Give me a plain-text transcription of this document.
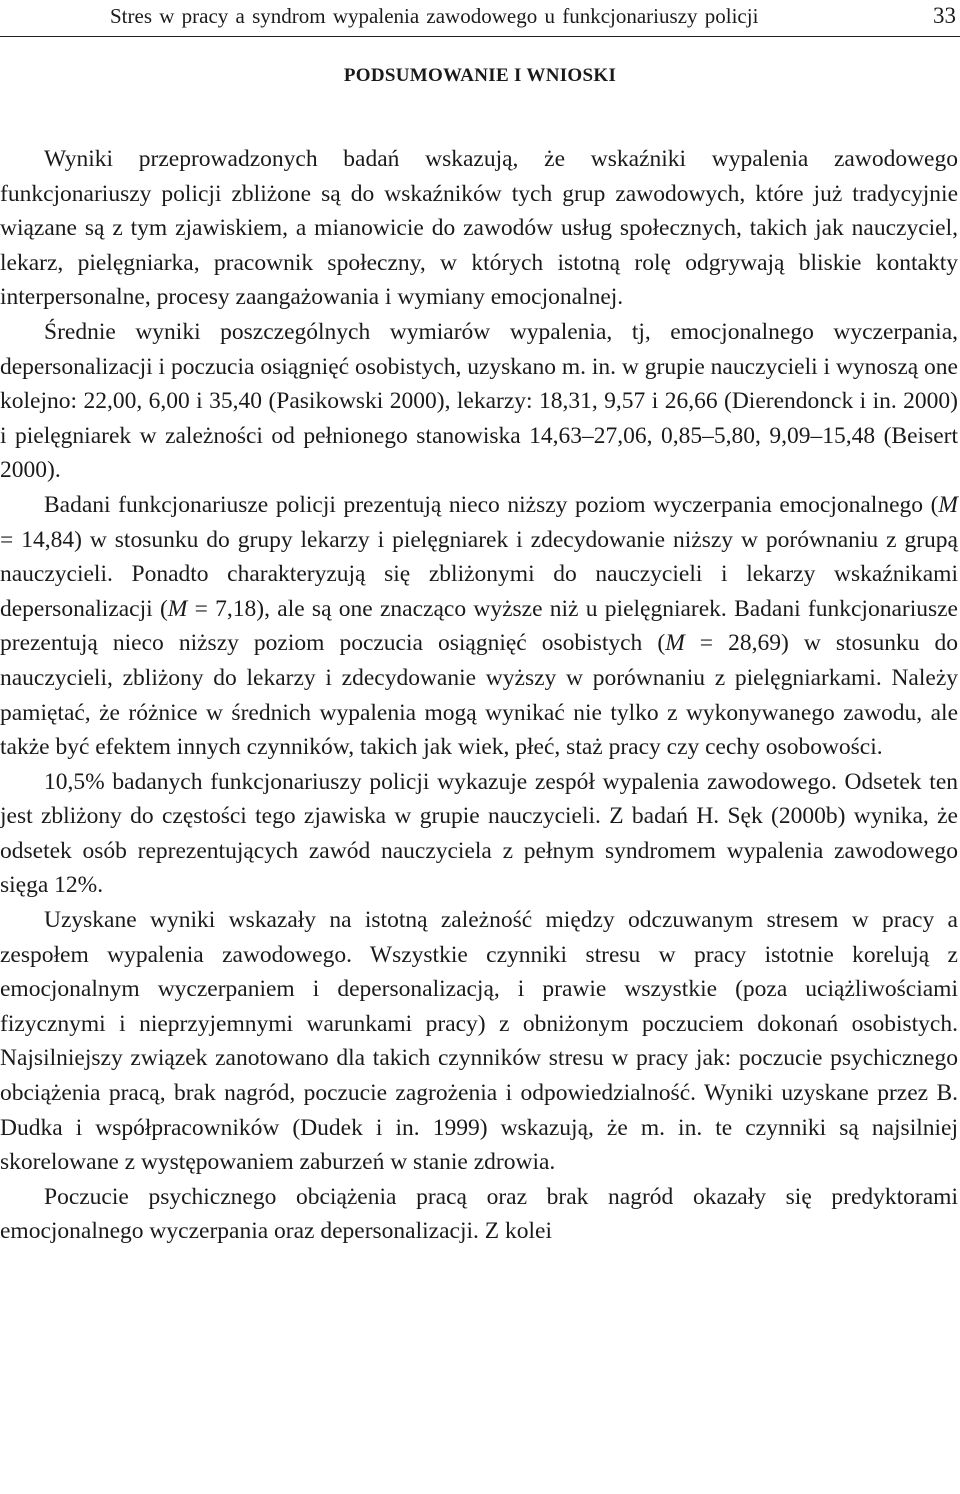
Stres w pracy a syndrom wypalenia zawodowego u funkcjonariuszy policji	33
PODSUMOWANIE I WNIOSKI

Wyniki przeprowadzonych badań wskazują, że wskaźniki wypalenia zawodowego funkcjonariuszy policji zbliżone są do wskaźników tych grup zawodowych, które już tradycyjnie wiązane są z tym zjawiskiem, a mianowicie do zawodów usług społecznych, takich jak nauczyciel, lekarz, pielęgniarka, pracownik społeczny, w których istotną rolę odgrywają bliskie kontakty interpersonalne, procesy zaangażowania i wymiany emocjonalnej.

Średnie wyniki poszczególnych wymiarów wypalenia, tj, emocjonalnego wyczerpania, depersonalizacji i poczucia osiągnięć osobistych, uzyskano m. in. w grupie nauczycieli i wynoszą one kolejno: 22,00, 6,00 i 35,40 (Pasikowski 2000), lekarzy: 18,31, 9,57 i 26,66 (Dierendonck i in. 2000) i pielęgniarek w zależności od pełnionego stanowiska 14,63–27,06, 0,85–5,80, 9,09–15,48 (Beisert 2000).

Badani funkcjonariusze policji prezentują nieco niższy poziom wyczerpania emocjonalnego (M = 14,84) w stosunku do grupy lekarzy i pielęgniarek i zdecydowanie niższy w porównaniu z grupą nauczycieli. Ponadto charakteryzują się zbliżonymi do nauczycieli i lekarzy wskaźnikami depersonalizacji (M = 7,18), ale są one znacząco wyższe niż u pielęgniarek. Badani funkcjonariusze prezentują nieco niższy poziom poczucia osiągnięć osobistych (M = 28,69) w stosunku do nauczycieli, zbliżony do lekarzy i zdecydowanie wyższy w porównaniu z pielęgniarkami. Należy pamiętać, że różnice w średnich wypalenia mogą wynikać nie tylko z wykonywanego zawodu, ale także być efektem innych czynników, takich jak wiek, płeć, staż pracy czy cechy osobowości.

10,5% badanych funkcjonariuszy policji wykazuje zespół wypalenia zawodowego. Odsetek ten jest zbliżony do częstości tego zjawiska w grupie nauczycieli. Z badań H. Sęk (2000b) wynika, że odsetek osób reprezentujących zawód nauczyciela z pełnym syndromem wypalenia zawodowego sięga 12%.

Uzyskane wyniki wskazały na istotną zależność między odczuwanym stresem w pracy a zespołem wypalenia zawodowego. Wszystkie czynniki stresu w pracy istotnie korelują z emocjonalnym wyczerpaniem i depersonalizacją, i prawie wszystkie (poza uciążliwościami fizycznymi i nieprzyjemnymi warunkami pracy) z obniżonym poczuciem dokonań osobistych. Najsilniejszy związek zanotowano dla takich czynników stresu w pracy jak: poczucie psychicznego obciążenia pracą, brak nagród, poczucie zagrożenia i odpowiedzialność. Wyniki uzyskane przez B. Dudka i współpracowników (Dudek i in. 1999) wskazują, że m. in. te czynniki są najsilniej skorelowane z występowaniem zaburzeń w stanie zdrowia.

Poczucie psychicznego obciążenia pracą oraz brak nagród okazały się predyktorami emocjonalnego wyczerpania oraz depersonalizacji. Z kolei
